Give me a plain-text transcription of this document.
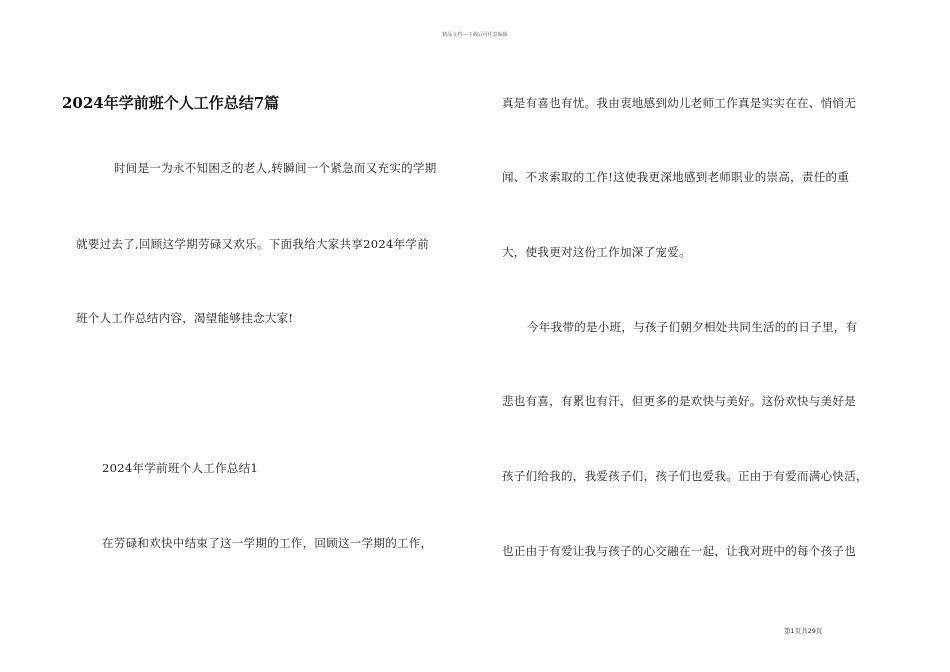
精品文档---下载后可任意编辑
2024年学前班个人工作总结7篇
时间是一为永不知困乏的老人,转瞬间一个紧急而又充实的学期
就要过去了,回顾这学期劳碌又欢乐。下面我给大家共享2024年学前
班个人工作总结内容，渴望能够挂念大家!
2024年学前班个人工作总结1
在劳碌和欢快中结束了这一学期的工作，回顾这一学期的工作，
真是有喜也有忧。我由衷地感到幼儿老师工作真是实实在在、悄悄无
闻、不求索取的工作!这使我更深地感到老师职业的崇高，责任的重
大，使我更对这份工作加深了宠爱。
今年我带的是小班，与孩子们朝夕相处共同生活的的日子里，有
悲也有喜，有累也有汗，但更多的是欢快与美好。这份欢快与美好是
孩子们给我的，我爱孩子们，孩子们也爱我。正由于有爱而满心快活，
也正由于有爱让我与孩子的心交融在一起，让我对班中的每个孩子也
第1页共29页
